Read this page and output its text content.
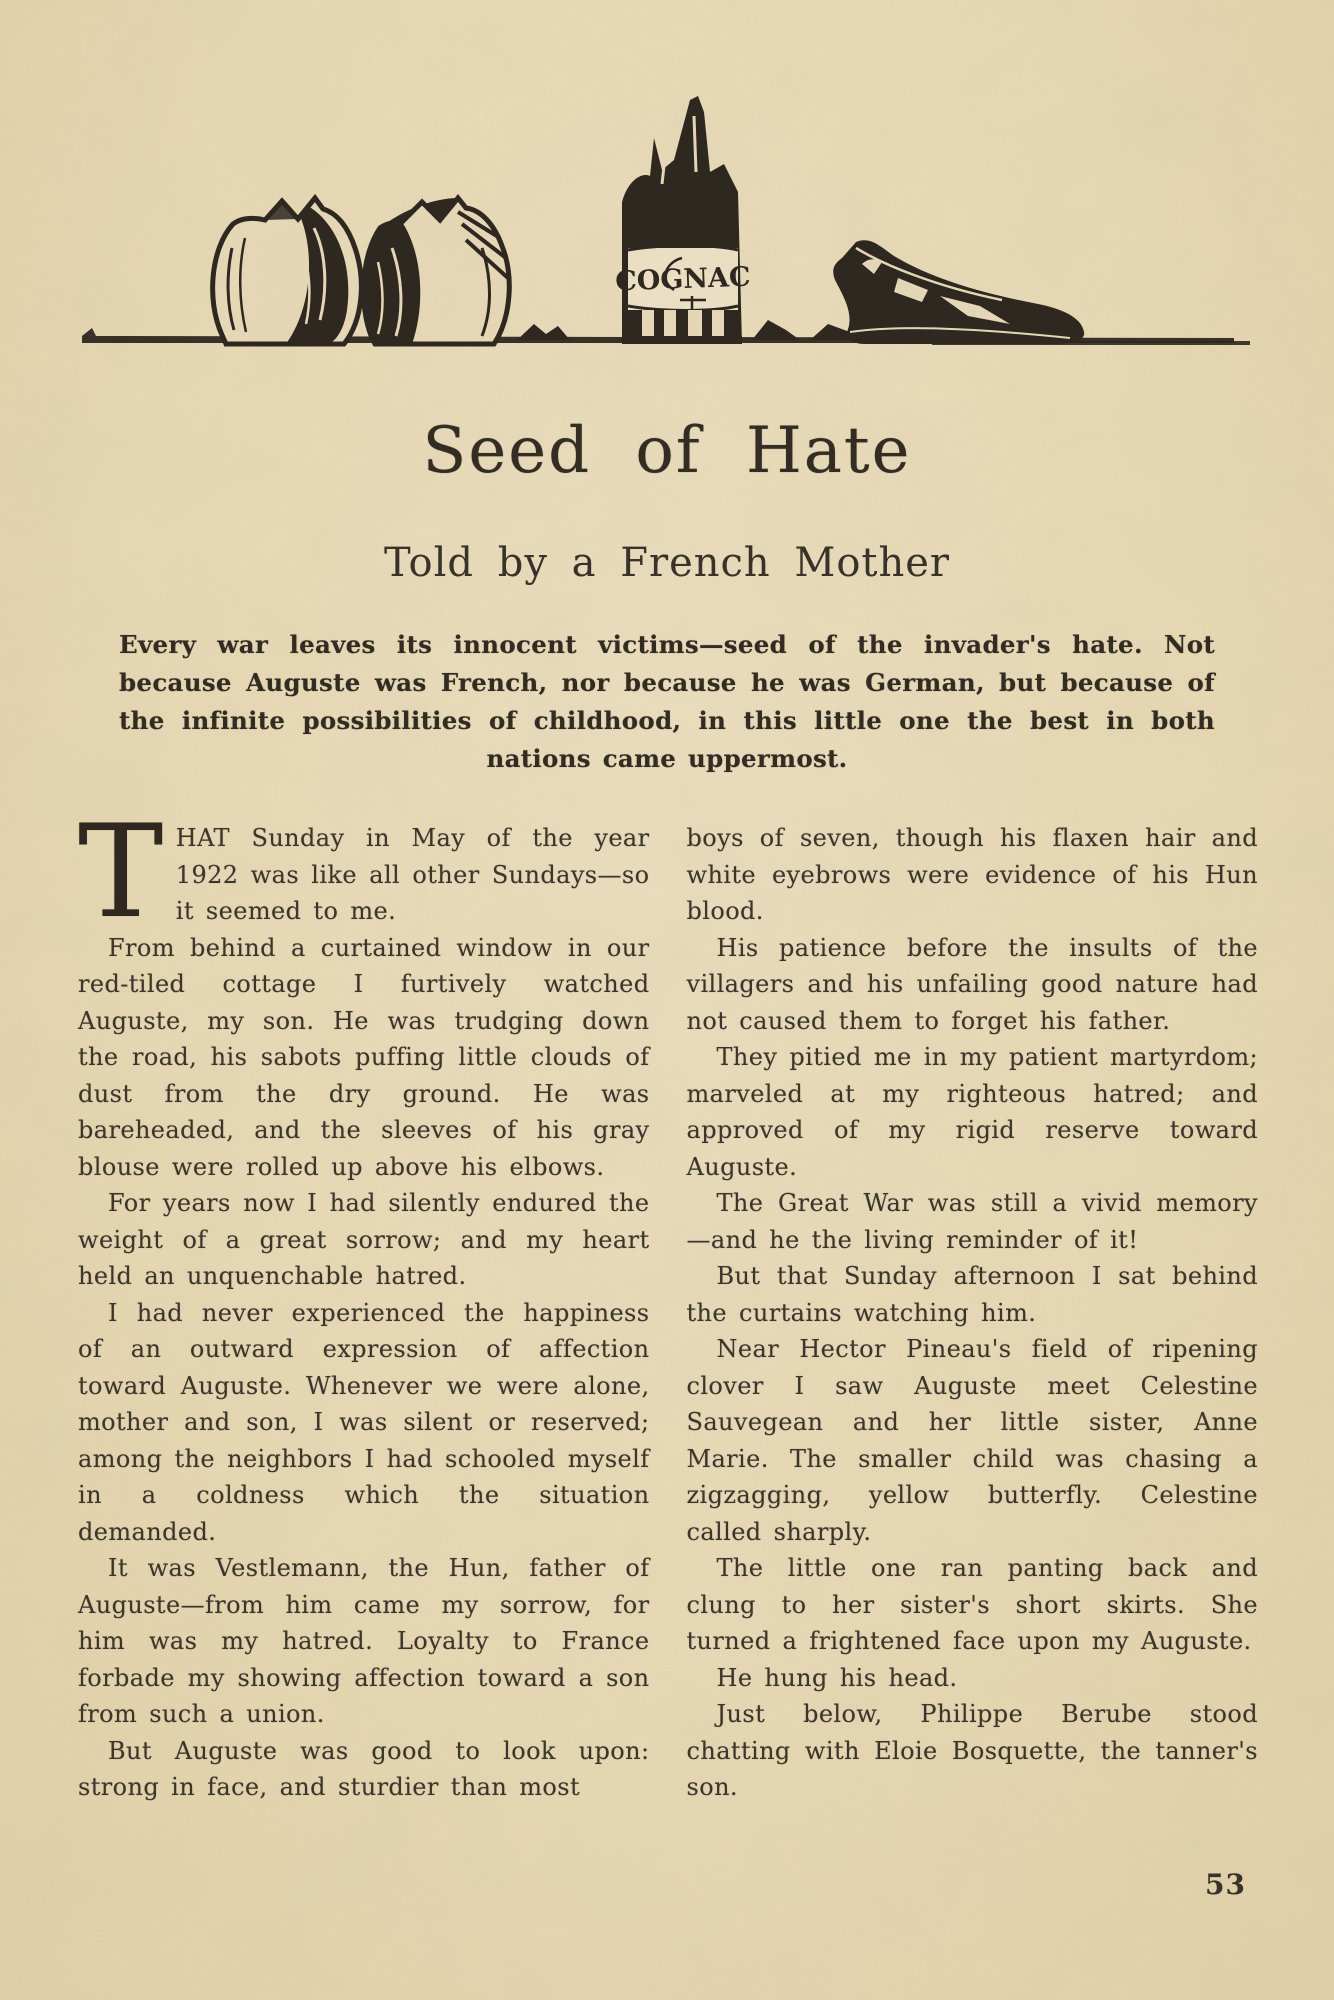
COGNAC
Seed of Hate
Told by a French Mother
Every war leaves its innocent victims—seed of the invader's hate. Not because Auguste was French, nor because he was German, but because of the infinite possibilities of childhood, in this little one the best in both nations came uppermost.

THAT Sunday in May of the year 1922 was like all other Sundays—so it seemed to me.

From behind a curtained window in our red-tiled cottage I furtively watched Auguste, my son. He was trudging down the road, his sabots puffing little clouds of dust from the dry ground. He was bareheaded, and the sleeves of his gray blouse were rolled up above his elbows.

For years now I had silently endured the weight of a great sorrow; and my heart held an unquenchable hatred.

I had never experienced the happiness of an outward expression of affection toward Auguste. Whenever we were alone, mother and son, I was silent or reserved; among the neighbors I had schooled myself in a coldness which the situation demanded.

It was Vestlemann, the Hun, father of Auguste—from him came my sorrow, for him was my hatred. Loyalty to France forbade my showing affection toward a son from such a union.

But Auguste was good to look upon: strong in face, and sturdier than most

boys of seven, though his flaxen hair and white eyebrows were evidence of his Hun blood.

His patience before the insults of the villagers and his unfailing good nature had not caused them to forget his father.

They pitied me in my patient martyrdom; marveled at my righteous hatred; and approved of my rigid reserve toward Auguste.

The Great War was still a vivid memory—and he the living reminder of it!

But that Sunday afternoon I sat behind the curtains watching him.

Near Hector Pineau's field of ripening clover I saw Auguste meet Celestine Sauvegean and her little sister, Anne Marie. The smaller child was chasing a zigzagging, yellow butterfly. Celestine called sharply.

The little one ran panting back and clung to her sister's short skirts. She turned a frightened face upon my Auguste.

He hung his head.

Just below, Philippe Berube stood chatting with Eloie Bosquette, the tanner's son.

53
